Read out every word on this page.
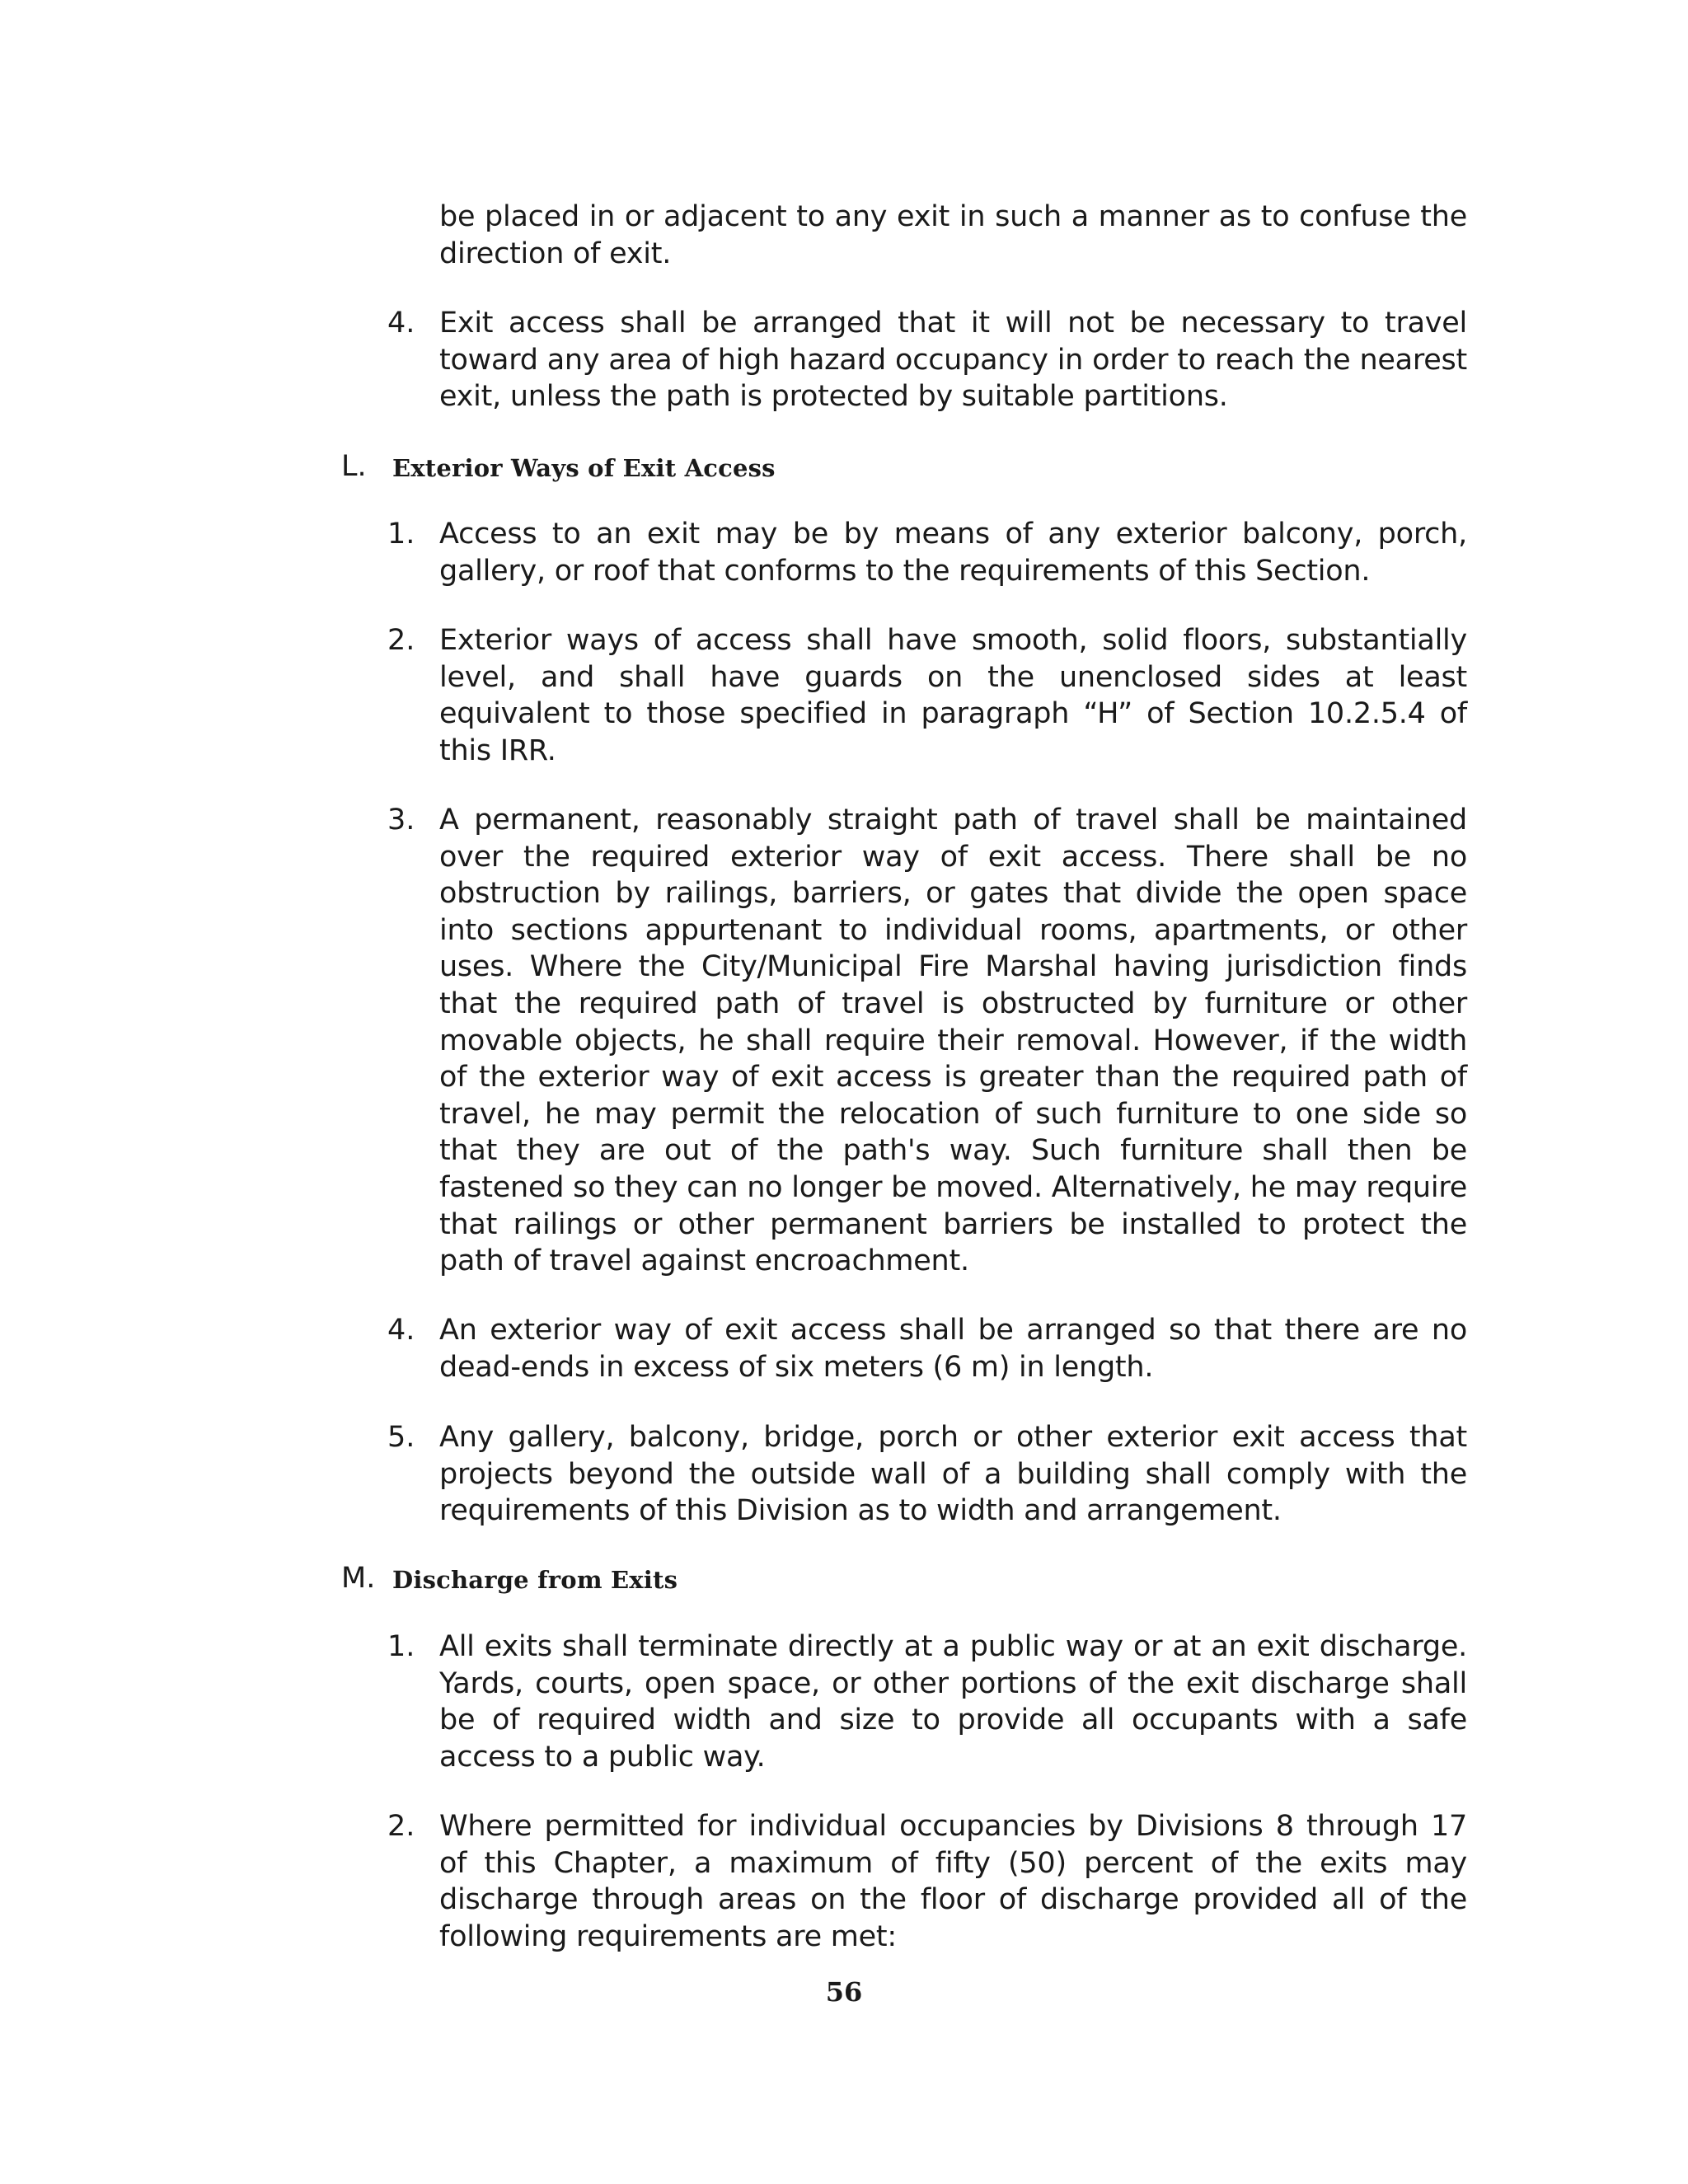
be placed in or adjacent to any exit in such a manner as to confuse the direction of exit.
4. Exit access shall be arranged that it will not be necessary to travel toward any area of high hazard occupancy in order to reach the nearest exit, unless the path is protected by suitable partitions.
L. Exterior Ways of Exit Access
1. Access to an exit may be by means of any exterior balcony, porch, gallery, or roof that conforms to the requirements of this Section.
2. Exterior ways of access shall have smooth, solid floors, substantially level, and shall have guards on the unenclosed sides at least equivalent to those specified in paragraph “H” of Section 10.2.5.4 of this IRR.
3. A permanent, reasonably straight path of travel shall be maintained over the required exterior way of exit access. There shall be no obstruction by railings, barriers, or gates that divide the open space into sections appurtenant to individual rooms, apartments, or other uses. Where the City/Municipal Fire Marshal having jurisdiction finds that the required path of travel is obstructed by furniture or other movable objects, he shall require their removal. However, if the width of the exterior way of exit access is greater than the required path of travel, he may permit the relocation of such furniture to one side so that they are out of the path's way. Such furniture shall then be fastened so they can no longer be moved. Alternatively, he may require that railings or other permanent barriers be installed to protect the path of travel against encroachment.
4. An exterior way of exit access shall be arranged so that there are no dead-ends in excess of six meters (6 m) in length.
5. Any gallery, balcony, bridge, porch or other exterior exit access that projects beyond the outside wall of a building shall comply with the requirements of this Division as to width and arrangement.
M. Discharge from Exits
1. All exits shall terminate directly at a public way or at an exit discharge. Yards, courts, open space, or other portions of the exit discharge shall be of required width and size to provide all occupants with a safe access to a public way.
2. Where permitted for individual occupancies by Divisions 8 through 17 of this Chapter, a maximum of fifty (50) percent of the exits may discharge through areas on the floor of discharge provided all of the following requirements are met:
56
